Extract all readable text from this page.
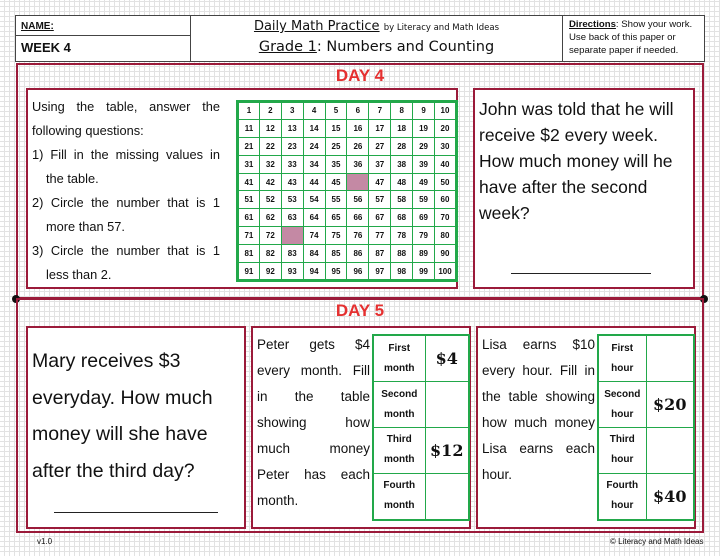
NAME:
WEEK 4
Daily Math Practice by Literacy and Math Ideas
Grade 1: Numbers and Counting
Directions: Show your work. Use back of this paper or separate paper if needed.
DAY 4

Using the table, answer the following questions:

1) Fill in the missing values in the table.

2) Circle the number that is 1 more than 57.

3) Circle the number that is 1 less than 2.

1	2	3	4	5	6	7	8	9	10
11	12	13	14	15	16	17	18	19	20
21	22	23	24	25	26	27	28	29	30
31	32	33	34	35	36	37	38	39	40
41	42	43	44	45		47	48	49	50
51	52	53	54	55	56	57	58	59	60
61	62	63	64	65	66	67	68	69	70
71	72		74	75	76	77	78	79	80
81	82	83	84	85	86	87	88	89	90
91	92	93	94	95	96	97	98	99	100
John was told that he will receive $2 every week. How much money will he have after the second week?
DAY 5
Mary receives $3 everyday. How much money will she have after the third day?
Peter gets $4 every month. Fill in the table showing how much money Peter has each month.
First month	$4
Second month	
Third month	$12
Fourth month	
Lisa earns $10 every hour. Fill in the table showing how much money Lisa earns each hour.
First hour	
Second hour	$20
Third hour	
Fourth hour	$40
v1.0	© Literacy and Math Ideas
